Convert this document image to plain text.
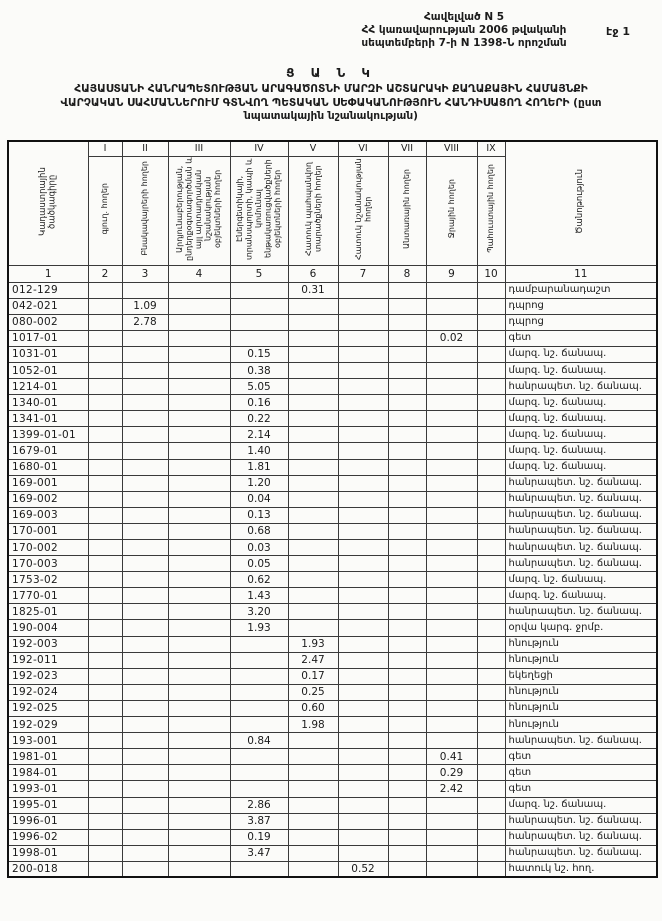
Հավելված N 5
ՀՀ կառավարության 2006 թվականի
սեպտեմբերի 7-ի N 1398-Ն որոշման
էջ 1
Ց Ա Ն Կ
ՀԱՅԱՍՏԱՆԻ ՀԱՆՐԱՊԵՏՈՒԹՅԱՆ ԱՐԱԳԱԾՈՏՆԻ ՄԱՐԶԻ ԱՇՏԱՐԱԿԻ ՔԱՂԱՔԱՅԻՆ ՀԱՄԱՅՆՔԻ
ՎԱՐՉԱԿԱՆ ՍԱՀՄԱՆՆԵՐՈՒՄ ԳՏՆՎՈՂ ՊԵՏԱԿԱՆ ՍԵՓԱԿԱՆՈՒԹՅՈՒՆ ՀԱՆԴԻՍԱՑՈՂ ՀՈՂԵՐԻ (ըստ
նպատակային նշանակության)
Կադաստրային ծածկագիրը	I	II	III	IV	V	VI	VII	VIII	IX	Ծանոթություն
	գյուղ. հողեր	Բնակավայրերի հողեր	Արդյունաբերության, ընդերքօգտագործման և այլ արտադրական նշանակության օբյեկտների հողեր	Էներգետիկայի, տրանսպորտի, կապի և կոմունալ ենթակառուցվածքների օբյեկտների հողեր	Հատուկ պահպանվող տարածքների հողեր	Հատուկ նշանակության հողեր	Անտառային հողեր	Ջրային հողեր	Պահուստային հողեր	
1	2	3	4	5	6	7	8	9	10	11
012-129					0.31					դամբարանադաշտ
042-021		1.09								դպրոց
080-002		2.78								դպրոց
1017-01								0.02		գետ
1031-01				0.15						մարզ. նշ. ճանապ.
1052-01				0.38						մարզ. նշ. ճանապ.
1214-01				5.05						հանրապետ. նշ. ճանապ.
1340-01				0.16						մարզ. նշ. ճանապ.
1341-01				0.22						մարզ. նշ. ճանապ.
1399-01-01				2.14						մարզ. նշ. ճանապ.
1679-01				1.40						մարզ. նշ. ճանապ.
1680-01				1.81						մարզ. նշ. ճանապ.
169-001				1.20						հանրապետ. նշ. ճանապ.
169-002				0.04						հանրապետ. նշ. ճանապ.
169-003				0.13						հանրապետ. նշ. ճանապ.
170-001				0.68						հանրապետ. նշ. ճանապ.
170-002				0.03						հանրապետ. նշ. ճանապ.
170-003				0.05						հանրապետ. նշ. ճանապ.
1753-02				0.62						մարզ. նշ. ճանապ.
1770-01				1.43						մարզ. նշ. ճանապ.
1825-01				3.20						հանրապետ. նշ. ճանապ.
190-004				1.93						օրվա կարգ. ջրմբ.
192-003					1.93					հնություն
192-011					2.47					հնություն
192-023					0.17					եկեղեցի
192-024					0.25					հնություն
192-025					0.60					հնություն
192-029					1.98					հնություն
193-001				0.84						հանրապետ. նշ. ճանապ.
1981-01								0.41		գետ
1984-01								0.29		գետ
1993-01								2.42		գետ
1995-01				2.86						մարզ. նշ. ճանապ.
1996-01				3.87						հանրապետ. նշ. ճանապ.
1996-02				0.19						հանրապետ. նշ. ճանապ.
1998-01				3.47						հանրապետ. նշ. ճանապ.
200-018						0.52				հատուկ նշ. հող.
